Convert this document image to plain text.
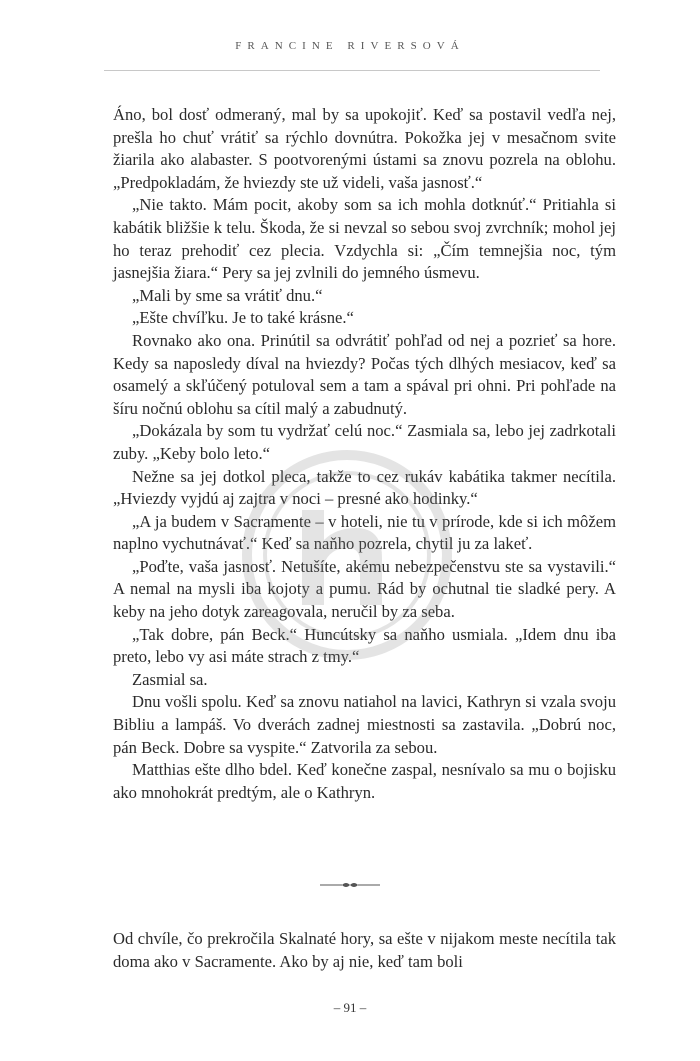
FRANCINE RIVERSOVÁ

Áno, bol dosť odmeraný, mal by sa upokojiť. Keď sa postavil vedľa nej, prešla ho chuť vrátiť sa rýchlo dovnútra. Pokožka jej v mesačnom svite žiarila ako alabaster. S pootvorenými ústami sa znovu pozrela na oblohu. „Predpokladám, že hviezdy ste už videli, vaša jasnosť.“

„Nie takto. Mám pocit, akoby som sa ich mohla dotknúť.“ Pritiahla si kabátik bližšie k telu. Škoda, že si nevzal so sebou svoj zvrchník; mohol jej ho teraz prehodiť cez plecia. Vzdychla si: „Čím temnejšia noc, tým jasnejšia žiara.“ Pery sa jej zvlnili do jemného úsmevu.

„Mali by sme sa vrátiť dnu.“

„Ešte chvíľku. Je to také krásne.“

Rovnako ako ona. Prinútil sa odvrátiť pohľad od nej a pozrieť sa hore. Kedy sa naposledy díval na hviezdy? Počas tých dlhých mesiacov, keď sa osamelý a skľúčený potuloval sem a tam a spával pri ohni. Pri pohľade na šíru nočnú oblohu sa cítil malý a zabudnutý.

„Dokázala by som tu vydržať celú noc.“ Zasmiala sa, lebo jej zadrkotali zuby. „Keby bolo leto.“

Nežne sa jej dotkol pleca, takže to cez rukáv kabátika takmer necítila. „Hviezdy vyjdú aj zajtra v noci – presné ako hodinky.“

„A ja budem v Sacramente – v hoteli, nie tu v prírode, kde si ich môžem naplno vychutnávať.“ Keď sa naňho pozrela, chytil ju za lakeť.

„Poďte, vaša jasnosť. Netušíte, akému nebezpečenstvu ste sa vystavili.“ A nemal na mysli iba kojoty a pumu. Rád by ochutnal tie sladké pery. A keby na jeho dotyk zareagovala, neručil by za seba.

„Tak dobre, pán Beck.“ Huncútsky sa naňho usmiala. „Idem dnu iba preto, lebo vy asi máte strach z tmy.“

Zasmial sa.

Dnu vošli spolu. Keď sa znovu natiahol na lavici, Kathryn si vzala svoju Bibliu a lampáš. Vo dverách zadnej miestnosti sa zastavila. „Dobrú noc, pán Beck. Dobre sa vyspite.“ Zatvorila za sebou.

Matthias ešte dlho bdel. Keď konečne zaspal, nesnívalo sa mu o bojisku ako mnohokrát predtým, ale o Kathryn.

Od chvíle, čo prekročila Skalnaté hory, sa ešte v nijakom meste necítila tak doma ako v Sacramente. Ako by aj nie, keď tam boli

– 91 –
